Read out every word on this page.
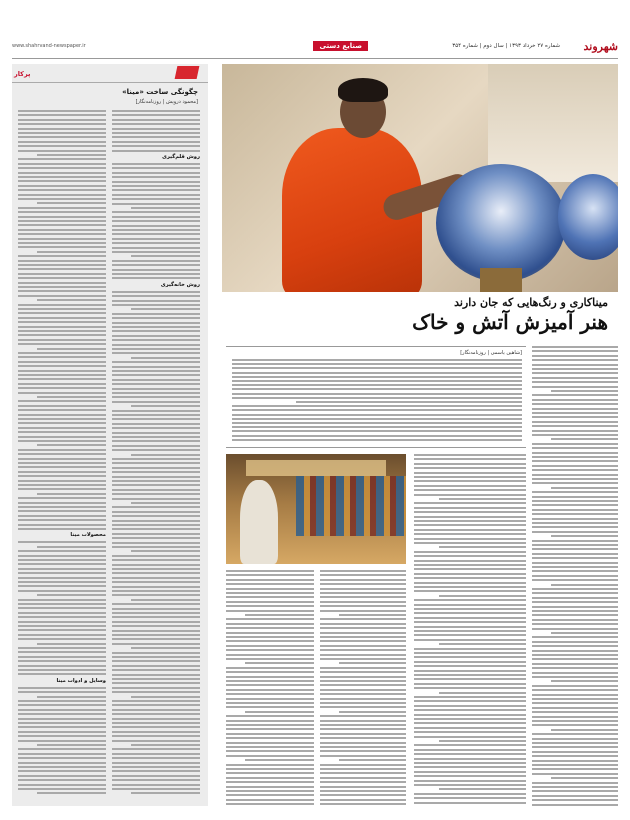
شهروند
شماره ۲۷ خرداد ۱۳۹۳ | سال دوم | شماره ۳۵۴
صنایع دستی
www.shahrvand-newspaper.ir
پرکار
چگونگی ساخت «مینا»
[محمود درویش | روزنامه‌نگار]
روش قلم‌گیری
روش خانه‌گیری
محصولات مینا
وسایل و ادوات مینا
میناکاری و رنگ‌هایی که جان دارند
هنر آمیزش آتش و خاک
[شاهین یاسمی | روزنامه‌نگار]
